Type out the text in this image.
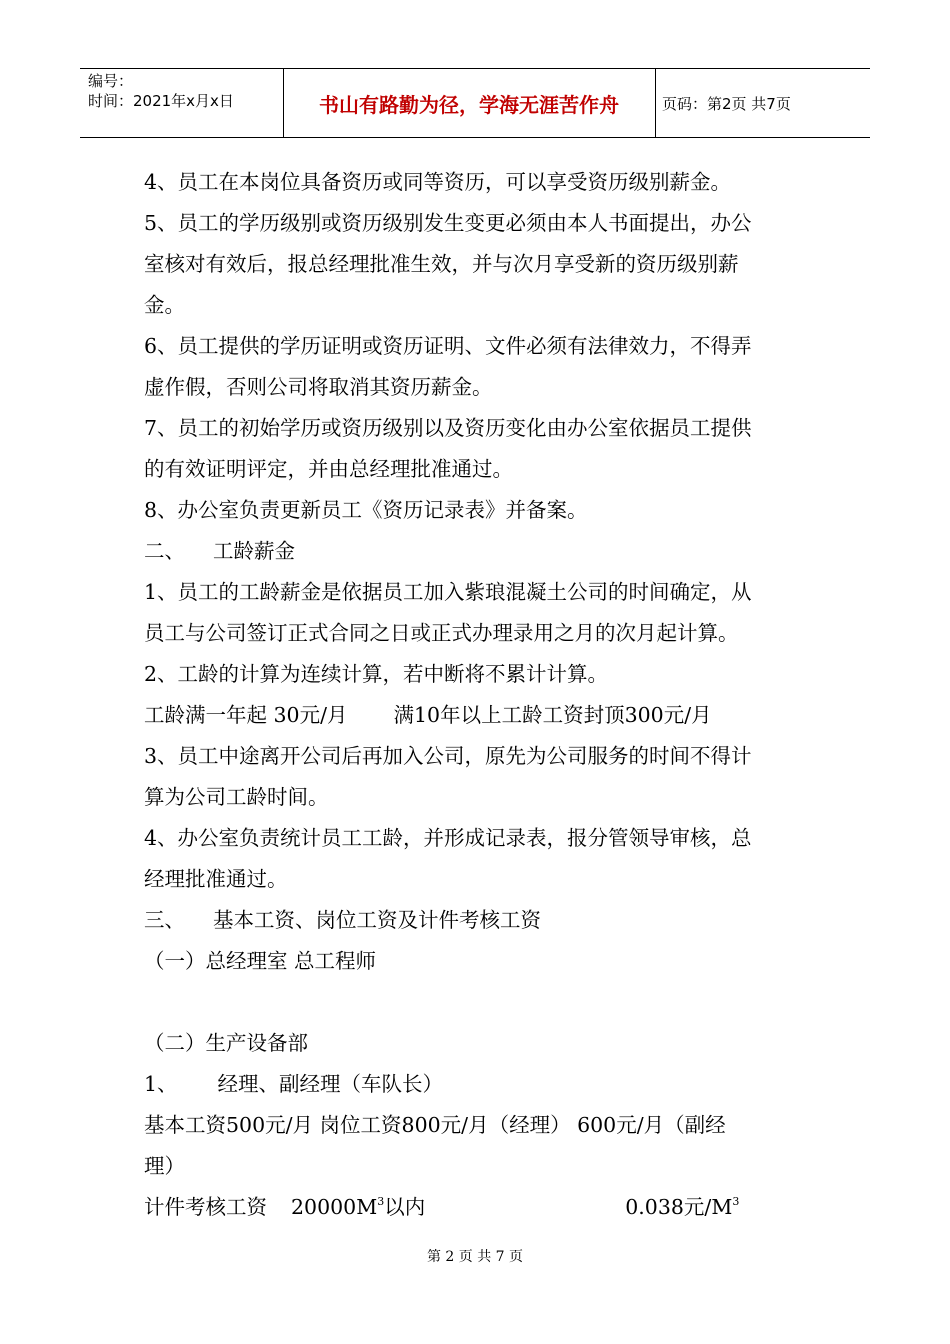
编号：
时间：2021年x月x日	书山有路勤为径，学海无涯苦作舟	页码：第2页 共7页
4、员工在本岗位具备资历或同等资历，可以享受资历级别薪金。
5、员工的学历级别或资历级别发生变更必须由本人书面提出，办公
室核对有效后，报总经理批准生效，并与次月享受新的资历级别薪
金。
6、员工提供的学历证明或资历证明、文件必须有法律效力，不得弄
虚作假，否则公司将取消其资历薪金。
7、员工的初始学历或资历级别以及资历变化由办公室依据员工提供
的有效证明评定，并由总经理批准通过。
8、办公室负责更新员工《资历记录表》并备案。
二、 工龄薪金
1、员工的工龄薪金是依据员工加入紫琅混凝土公司的时间确定，从
员工与公司签订正式合同之日或正式办理录用之月的次月起计算。
2、工龄的计算为连续计算，若中断将不累计计算。
工龄满一年起 30元/月 满10年以上工龄工资封顶300元/月
3、员工中途离开公司后再加入公司，原先为公司服务的时间不得计
算为公司工龄时间。
4、办公室负责统计员工工龄，并形成记录表，报分管领导审核，总
经理批准通过。
三、 基本工资、岗位工资及计件考核工资
（一）总经理室 总工程师
（二）生产设备部
1、 经理、副经理（车队长）
基本工资500元/月 岗位工资800元/月（经理） 600元/月（副经
理）
计件考核工资 $20000M^3$以内	0.038元$/M^3$
第 2 页 共 7 页
